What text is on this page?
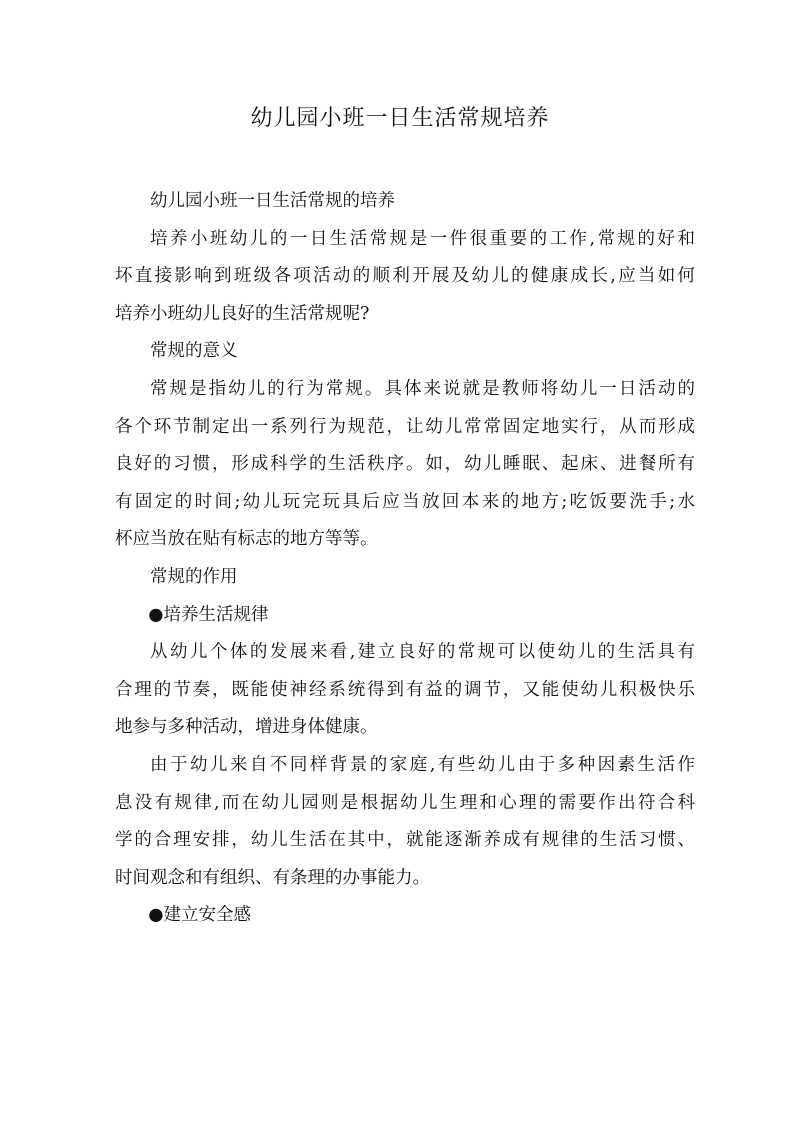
幼儿园小班一日生活常规培养

幼儿园小班一日生活常规的培养

培养小班幼儿的一日生活常规是一件很重要的工作,常规的好和
坏直接影响到班级各项活动的顺利开展及幼儿的健康成长,应当如何
培养小班幼儿良好的生活常规呢?

常规的意义

常规是指幼儿的行为常规。具体来说就是教师将幼儿一日活动的
各个环节制定出一系列行为规范，让幼儿常常固定地实行，从而形成
良好的习惯，形成科学的生活秩序。如，幼儿睡眠、起床、进餐所有
有固定的时间;幼儿玩完玩具后应当放回本来的地方;吃饭要洗手;水
杯应当放在贴有标志的地方等等。

常规的作用

●培养生活规律

从幼儿个体的发展来看,建立良好的常规可以使幼儿的生活具有
合理的节奏，既能使神经系统得到有益的调节，又能使幼儿积极快乐
地参与多种活动，增进身体健康。
由于幼儿来自不同样背景的家庭,有些幼儿由于多种因素生活作
息没有规律,而在幼儿园则是根据幼儿生理和心理的需要作出符合科
学的合理安排，幼儿生活在其中，就能逐渐养成有规律的生活习惯、
时间观念和有组织、有条理的办事能力。

●建立安全感
